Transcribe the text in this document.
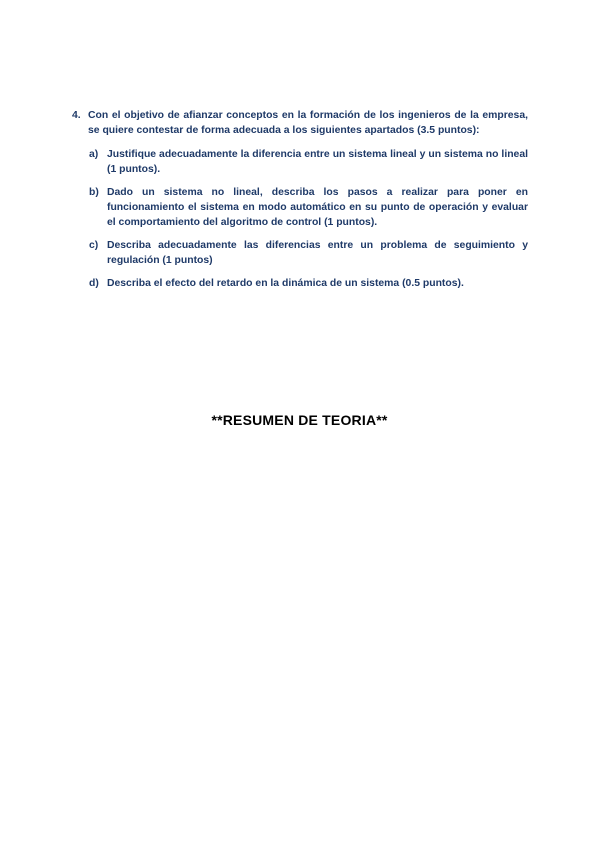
4. Con el objetivo de afianzar conceptos en la formación de los ingenieros de la empresa, se quiere contestar de forma adecuada a los siguientes apartados (3.5 puntos):
a) Justifique adecuadamente la diferencia entre un sistema lineal y un sistema no lineal (1 puntos).
b) Dado un sistema no lineal, describa los pasos a realizar para poner en funcionamiento el sistema en modo automático en su punto de operación y evaluar el comportamiento del algoritmo de control (1 puntos).
c) Describa adecuadamente las diferencias entre un problema de seguimiento y regulación (1 puntos)
d) Describa el efecto del retardo en la dinámica de un sistema (0.5 puntos).
**RESUMEN DE TEORIA**
